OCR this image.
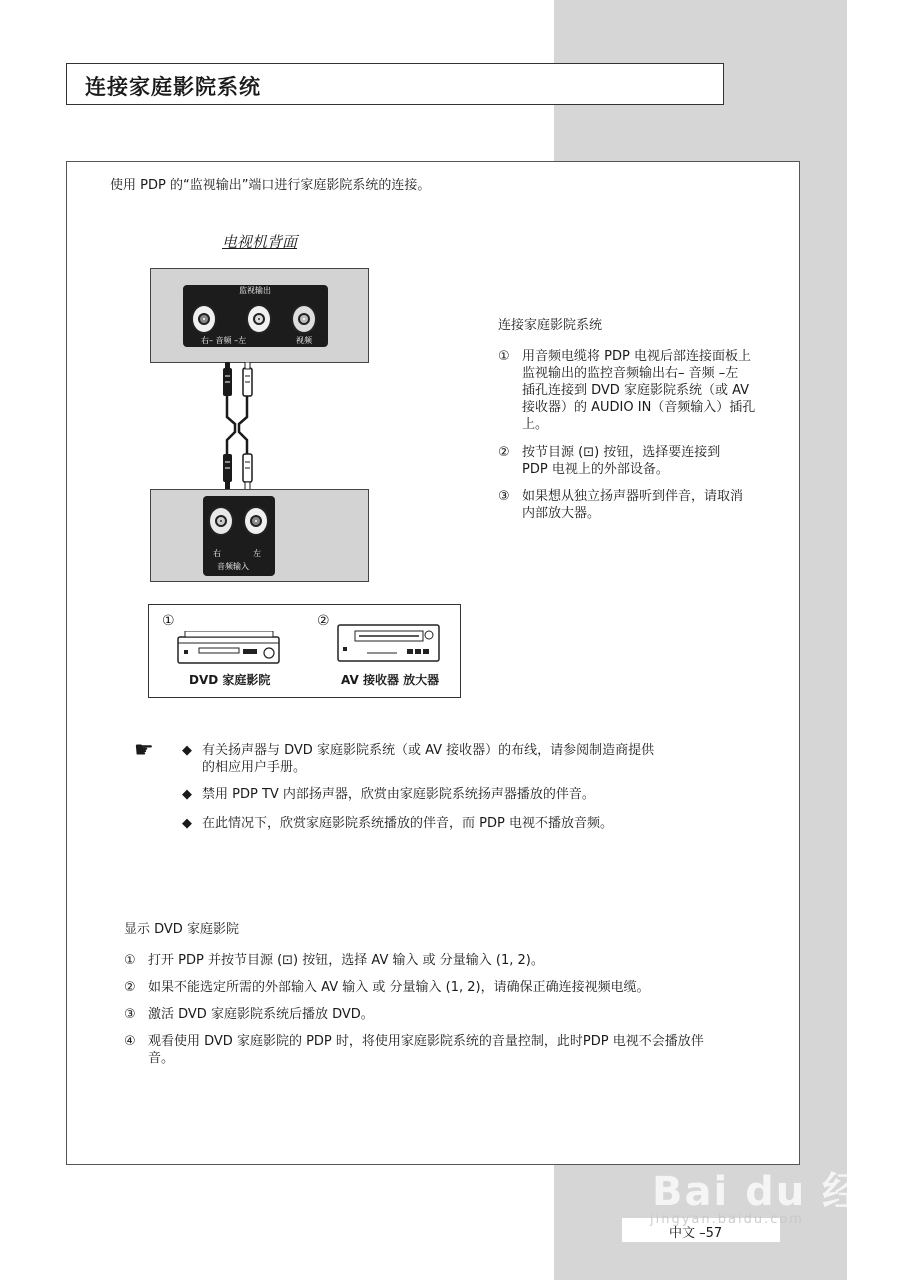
连接家庭影院系统
使用 PDP 的“监视输出”端口进行家庭影院系统的连接。
电视机背面
监视输出
右– 音频 –左	视频
右	左
音频输入
①
DVD 家庭影院
②
AV 接收器 放大器
连接家庭影院系统
① 用音频电缆将 PDP 电视后部连接面板上
监视输出的监控音频输出右– 音频 –左
插孔连接到 DVD 家庭影院系统（或 AV
接收器）的 AUDIO IN（音频输入）插孔
上。
② 按节目源 (⊡) 按钮，选择要连接到
PDP 电视上的外部设备。
③ 如果想从独立扬声器听到伴音，请取消
内部放大器。
☛ ◆ 有关扬声器与 DVD 家庭影院系统（或 AV 接收器）的布线，请参阅制造商提供
的相应用户手册。
◆ 禁用 PDP TV 内部扬声器，欣赏由家庭影院系统扬声器播放的伴音。
◆ 在此情况下，欣赏家庭影院系统播放的伴音，而 PDP 电视不播放音频。
显示 DVD 家庭影院
① 打开 PDP 并按节目源 (⊡) 按钮，选择 AV 输入 或 分量输入 (1, 2)。
② 如果不能选定所需的外部输入 AV 输入 或 分量输入 (1, 2)，请确保正确连接视频电缆。
③ 激活 DVD 家庭影院系统后播放 DVD。
④ 观看使用 DVD 家庭影院的 PDP 时，将使用家庭影院系统的音量控制，此时PDP 电视不会播放伴
音。
Bai du 经验
jingyan.baidu.com
中文 –57
